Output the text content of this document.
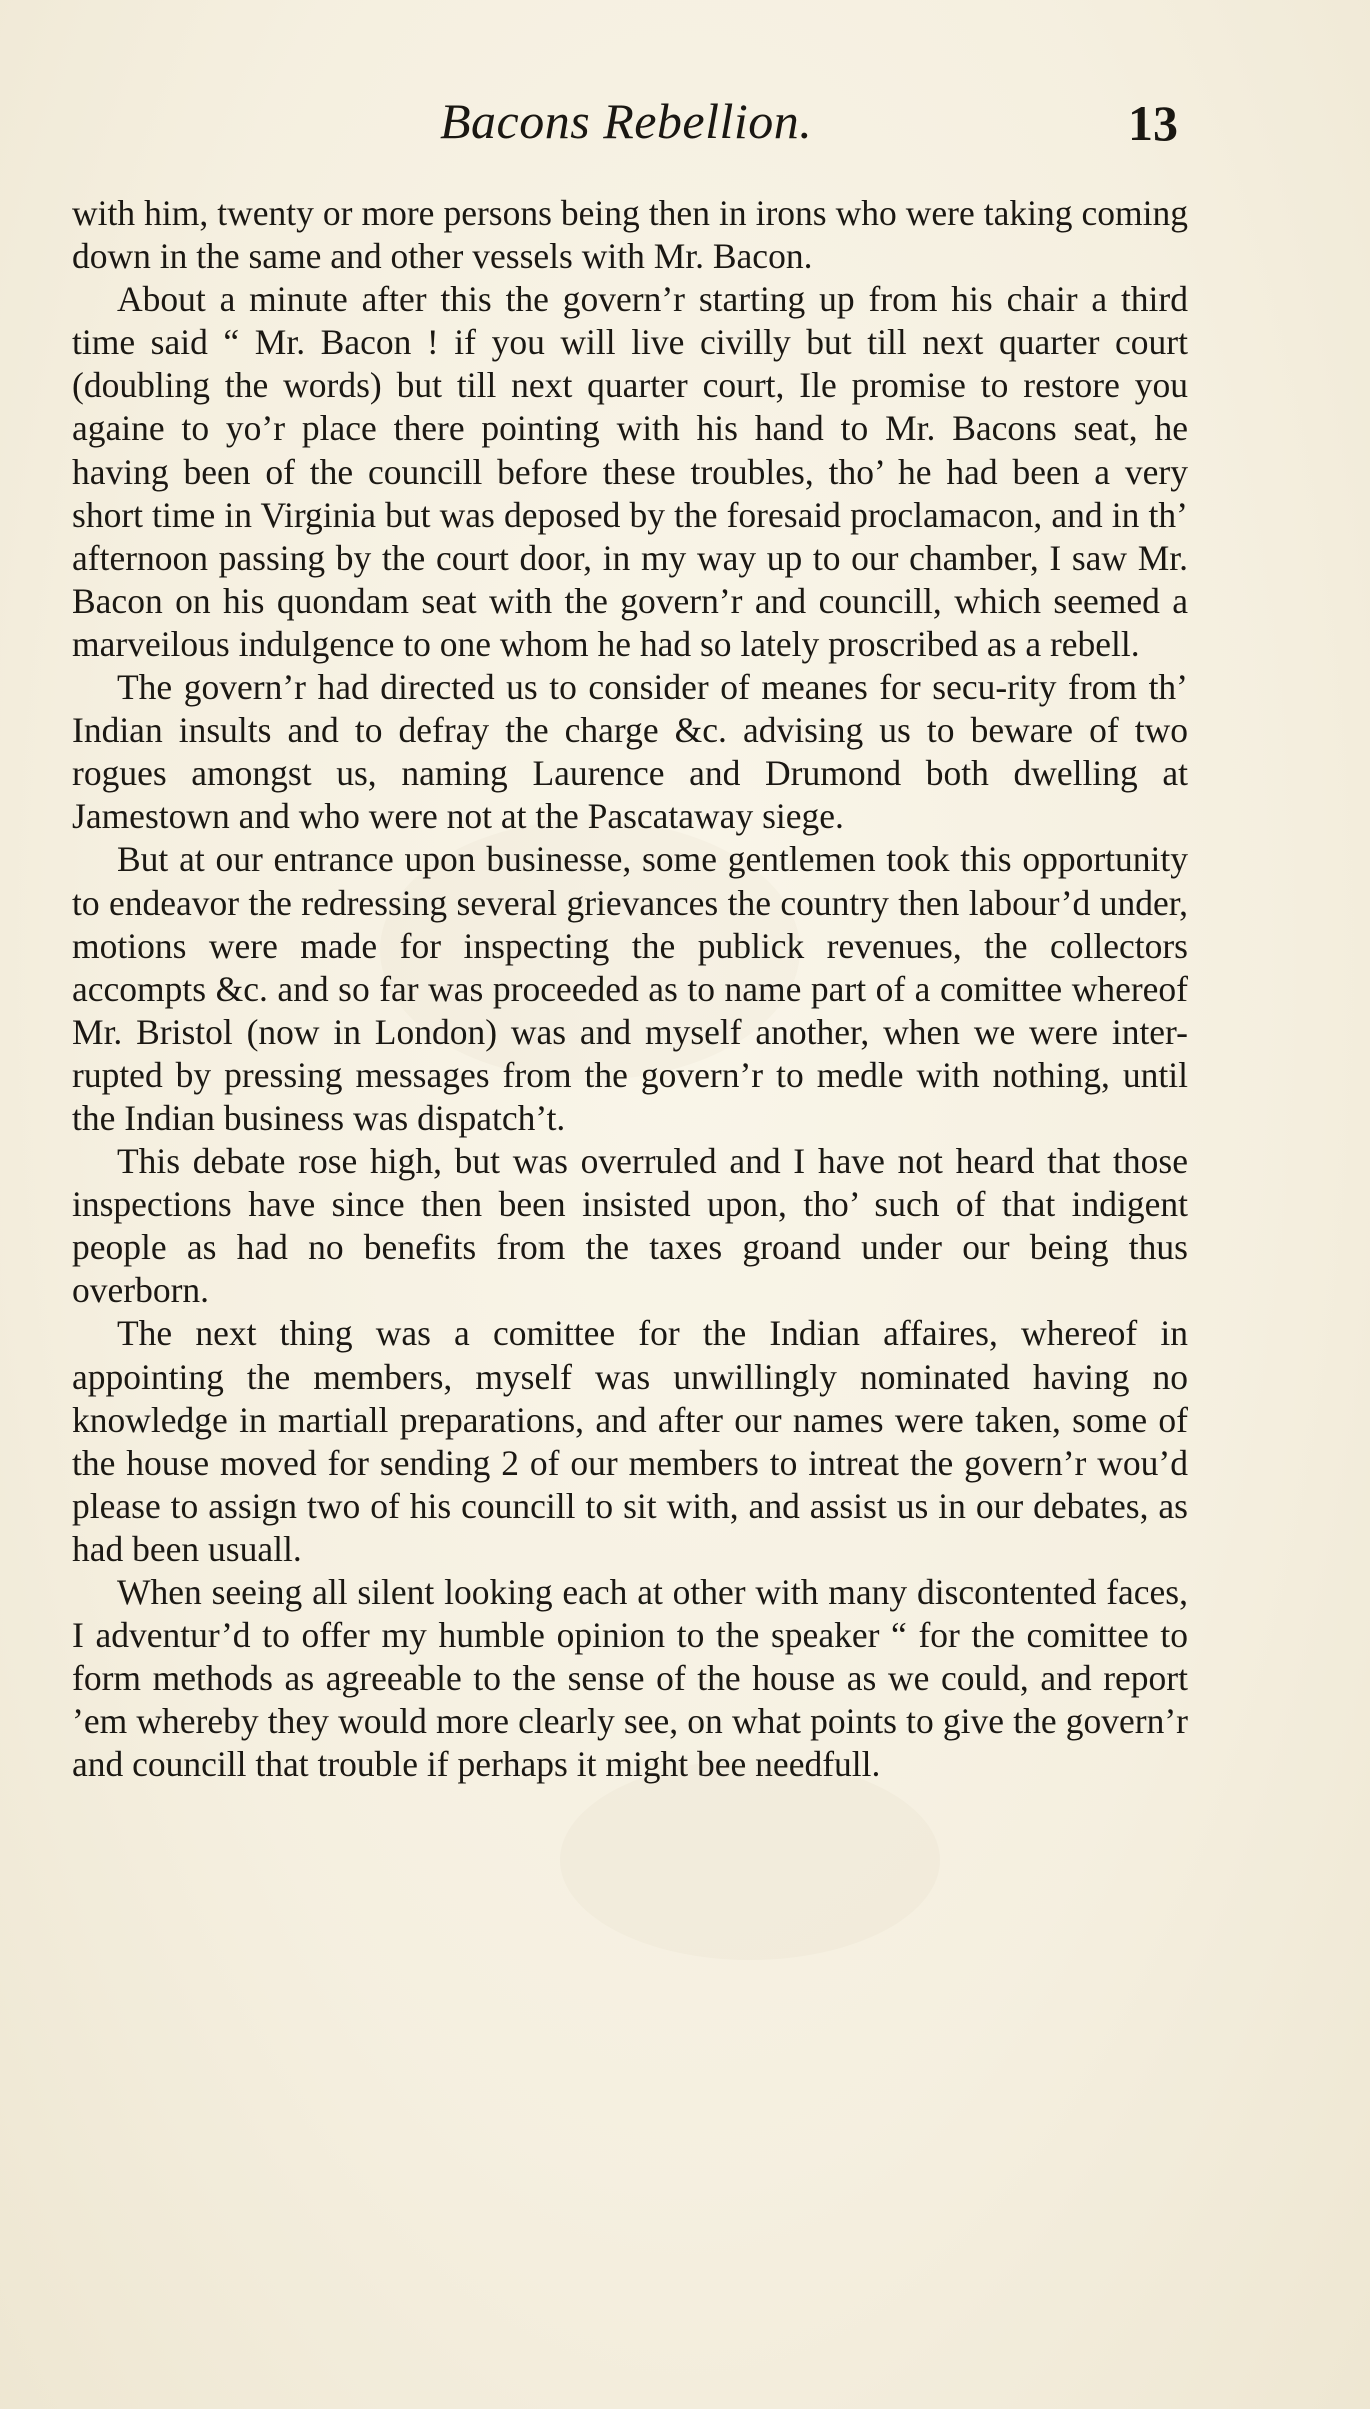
Bacons Rebellion.	13

with him, twenty or more persons being then in irons who were taking coming down in the same and other vessels with Mr. Bacon.

About a minute after this the govern’r starting up from his chair a third time said “ Mr. Bacon ! if you will live civilly but till next quarter court (doubling the words) but till next quarter court, Ile promise to restore you againe to yo’r place there pointing with his hand to Mr. Bacons seat, he having been of the councill before these troubles, tho’ he had been a very short time in Virginia but was deposed by the foresaid proclamacon, and in th’ afternoon passing by the court door, in my way up to our chamber, I saw Mr. Bacon on his quondam seat with the govern’r and councill, which seemed a marveilous indulgence to one whom he had so lately proscribed as a rebell.

The govern’r had directed us to consider of meanes for secu-rity from th’ Indian insults and to defray the charge &c. advising us to beware of two rogues amongst us, naming Laurence and Drumond both dwelling at Jamestown and who were not at the Pascataway siege.

But at our entrance upon businesse, some gentlemen took this opportunity to endeavor the redressing several grievances the country then labour’d under, motions were made for inspecting the publick revenues, the collectors accompts &c. and so far was proceeded as to name part of a comittee whereof Mr. Bristol (now in London) was and myself another, when we were inter-rupted by pressing messages from the govern’r to medle with nothing, until the Indian business was dispatch’t.

This debate rose high, but was overruled and I have not heard that those inspections have since then been insisted upon, tho’ such of that indigent people as had no benefits from the taxes groand under our being thus overborn.

The next thing was a comittee for the Indian affaires, whereof in appointing the members, myself was unwillingly nominated having no knowledge in martiall preparations, and after our names were taken, some of the house moved for sending 2 of our members to intreat the govern’r wou’d please to assign two of his councill to sit with, and assist us in our debates, as had been usuall.

When seeing all silent looking each at other with many discontented faces, I adventur’d to offer my humble opinion to the speaker “ for the comittee to form methods as agreeable to the sense of the house as we could, and report ’em whereby they would more clearly see, on what points to give the govern’r and councill that trouble if perhaps it might bee needfull.
